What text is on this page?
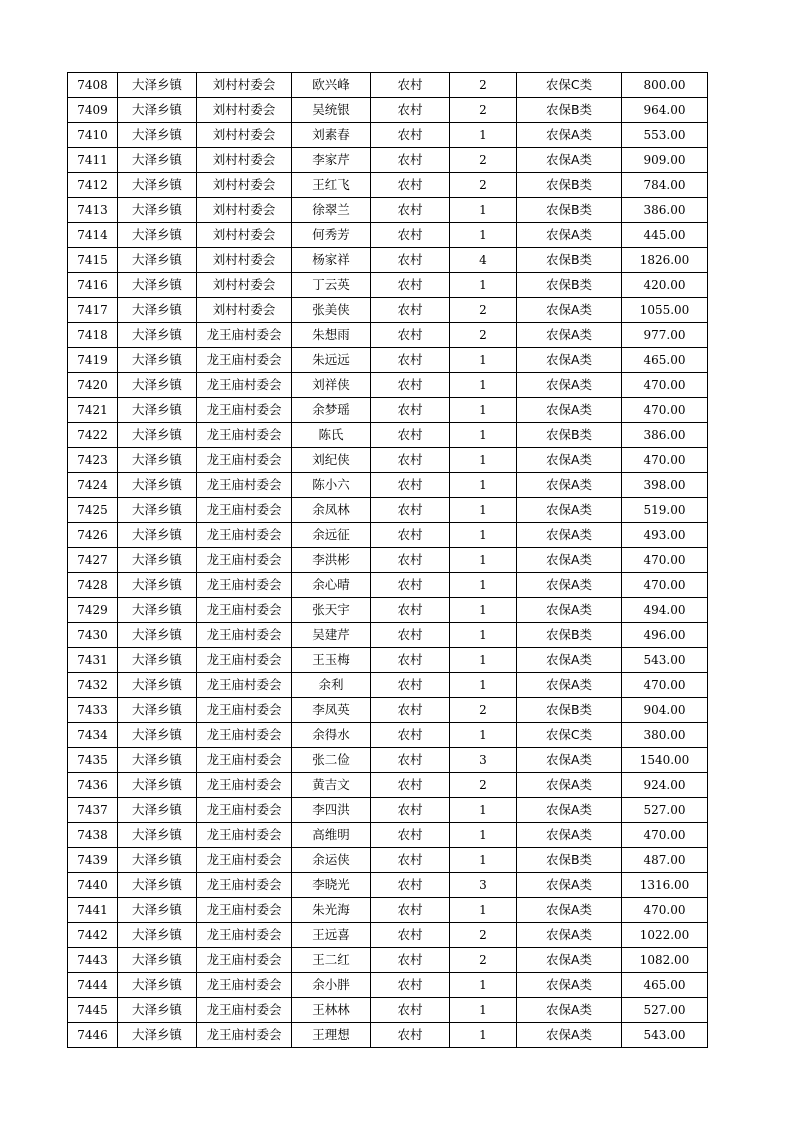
7408	大泽乡镇	刘村村委会	欧兴峰	农村	2	农保C类	800.00
7409	大泽乡镇	刘村村委会	吴统银	农村	2	农保B类	964.00
7410	大泽乡镇	刘村村委会	刘素春	农村	1	农保A类	553.00
7411	大泽乡镇	刘村村委会	李家芹	农村	2	农保A类	909.00
7412	大泽乡镇	刘村村委会	王红飞	农村	2	农保B类	784.00
7413	大泽乡镇	刘村村委会	徐翠兰	农村	1	农保B类	386.00
7414	大泽乡镇	刘村村委会	何秀芳	农村	1	农保A类	445.00
7415	大泽乡镇	刘村村委会	杨家祥	农村	4	农保B类	1826.00
7416	大泽乡镇	刘村村委会	丁云英	农村	1	农保B类	420.00
7417	大泽乡镇	刘村村委会	张美侠	农村	2	农保A类	1055.00
7418	大泽乡镇	龙王庙村委会	朱想雨	农村	2	农保A类	977.00
7419	大泽乡镇	龙王庙村委会	朱远远	农村	1	农保A类	465.00
7420	大泽乡镇	龙王庙村委会	刘祥侠	农村	1	农保A类	470.00
7421	大泽乡镇	龙王庙村委会	余梦瑶	农村	1	农保A类	470.00
7422	大泽乡镇	龙王庙村委会	陈氏	农村	1	农保B类	386.00
7423	大泽乡镇	龙王庙村委会	刘纪侠	农村	1	农保A类	470.00
7424	大泽乡镇	龙王庙村委会	陈小六	农村	1	农保A类	398.00
7425	大泽乡镇	龙王庙村委会	余凤林	农村	1	农保A类	519.00
7426	大泽乡镇	龙王庙村委会	余远征	农村	1	农保A类	493.00
7427	大泽乡镇	龙王庙村委会	李洪彬	农村	1	农保A类	470.00
7428	大泽乡镇	龙王庙村委会	余心晴	农村	1	农保A类	470.00
7429	大泽乡镇	龙王庙村委会	张天宇	农村	1	农保A类	494.00
7430	大泽乡镇	龙王庙村委会	吴建芹	农村	1	农保B类	496.00
7431	大泽乡镇	龙王庙村委会	王玉梅	农村	1	农保A类	543.00
7432	大泽乡镇	龙王庙村委会	余利	农村	1	农保A类	470.00
7433	大泽乡镇	龙王庙村委会	李凤英	农村	2	农保B类	904.00
7434	大泽乡镇	龙王庙村委会	余得水	农村	1	农保C类	380.00
7435	大泽乡镇	龙王庙村委会	张二俭	农村	3	农保A类	1540.00
7436	大泽乡镇	龙王庙村委会	黄吉文	农村	2	农保A类	924.00
7437	大泽乡镇	龙王庙村委会	李四洪	农村	1	农保A类	527.00
7438	大泽乡镇	龙王庙村委会	高维明	农村	1	农保A类	470.00
7439	大泽乡镇	龙王庙村委会	余运侠	农村	1	农保B类	487.00
7440	大泽乡镇	龙王庙村委会	李晓光	农村	3	农保A类	1316.00
7441	大泽乡镇	龙王庙村委会	朱光海	农村	1	农保A类	470.00
7442	大泽乡镇	龙王庙村委会	王远喜	农村	2	农保A类	1022.00
7443	大泽乡镇	龙王庙村委会	王二红	农村	2	农保A类	1082.00
7444	大泽乡镇	龙王庙村委会	余小胖	农村	1	农保A类	465.00
7445	大泽乡镇	龙王庙村委会	王林林	农村	1	农保A类	527.00
7446	大泽乡镇	龙王庙村委会	王理想	农村	1	农保A类	543.00
